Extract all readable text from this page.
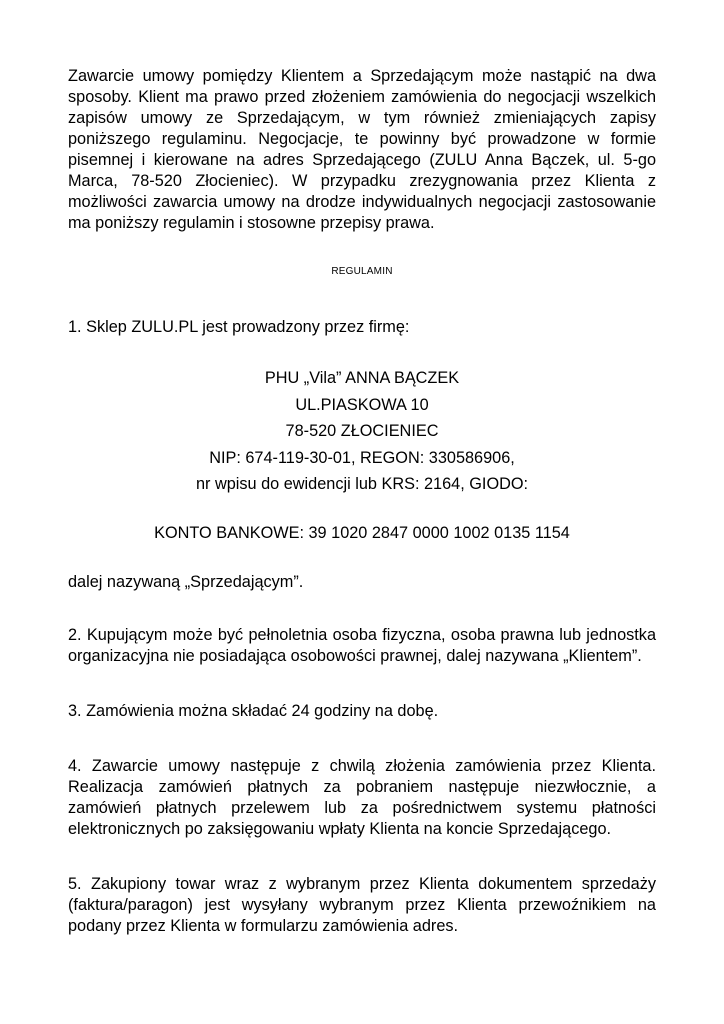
Zawarcie umowy pomiędzy Klientem a Sprzedającym może nastąpić na dwa sposoby. Klient ma prawo przed złożeniem zamówienia do negocjacji wszelkich zapisów umowy ze Sprzedającym, w tym również zmieniających zapisy poniższego regulaminu. Negocjacje, te powinny być prowadzone w formie pisemnej i kierowane na adres Sprzedającego (ZULU Anna Bączek, ul. 5-go Marca, 78-520 Złocieniec). W przypadku zrezygnowania przez Klienta z możliwości zawarcia umowy na drodze indywidualnych negocjacji zastosowanie ma poniższy regulamin i stosowne przepisy prawa.

REGULAMIN
1. Sklep ZULU.PL jest prowadzony przez firmę:
PHU „Vila” ANNA BĄCZEK
UL.PIASKOWA 10
78-520 ZŁOCIENIEC
NIP: 674-119-30-01, REGON: 330586906,
nr wpisu do ewidencji lub KRS: 2164, GIODO:
KONTO BANKOWE: 39 1020 2847 0000 1002 0135 1154
dalej nazywaną „Sprzedającym”.

2. Kupującym może być pełnoletnia osoba fizyczna, osoba prawna lub jednostka organizacyjna nie posiadająca osobowości prawnej, dalej nazywana „Klientem”.

3. Zamówienia można składać 24 godziny na dobę.

4. Zawarcie umowy następuje z chwilą złożenia zamówienia przez Klienta. Realizacja zamówień płatnych za pobraniem następuje niezwłocznie, a zamówień płatnych przelewem lub za pośrednictwem systemu płatności elektronicznych po zaksięgowaniu wpłaty Klienta na koncie Sprzedającego.

5. Zakupiony towar wraz z wybranym przez Klienta dokumentem sprzedaży (faktura/paragon) jest wysyłany wybranym przez Klienta przewoźnikiem na podany przez Klienta w formularzu zamówienia adres.
